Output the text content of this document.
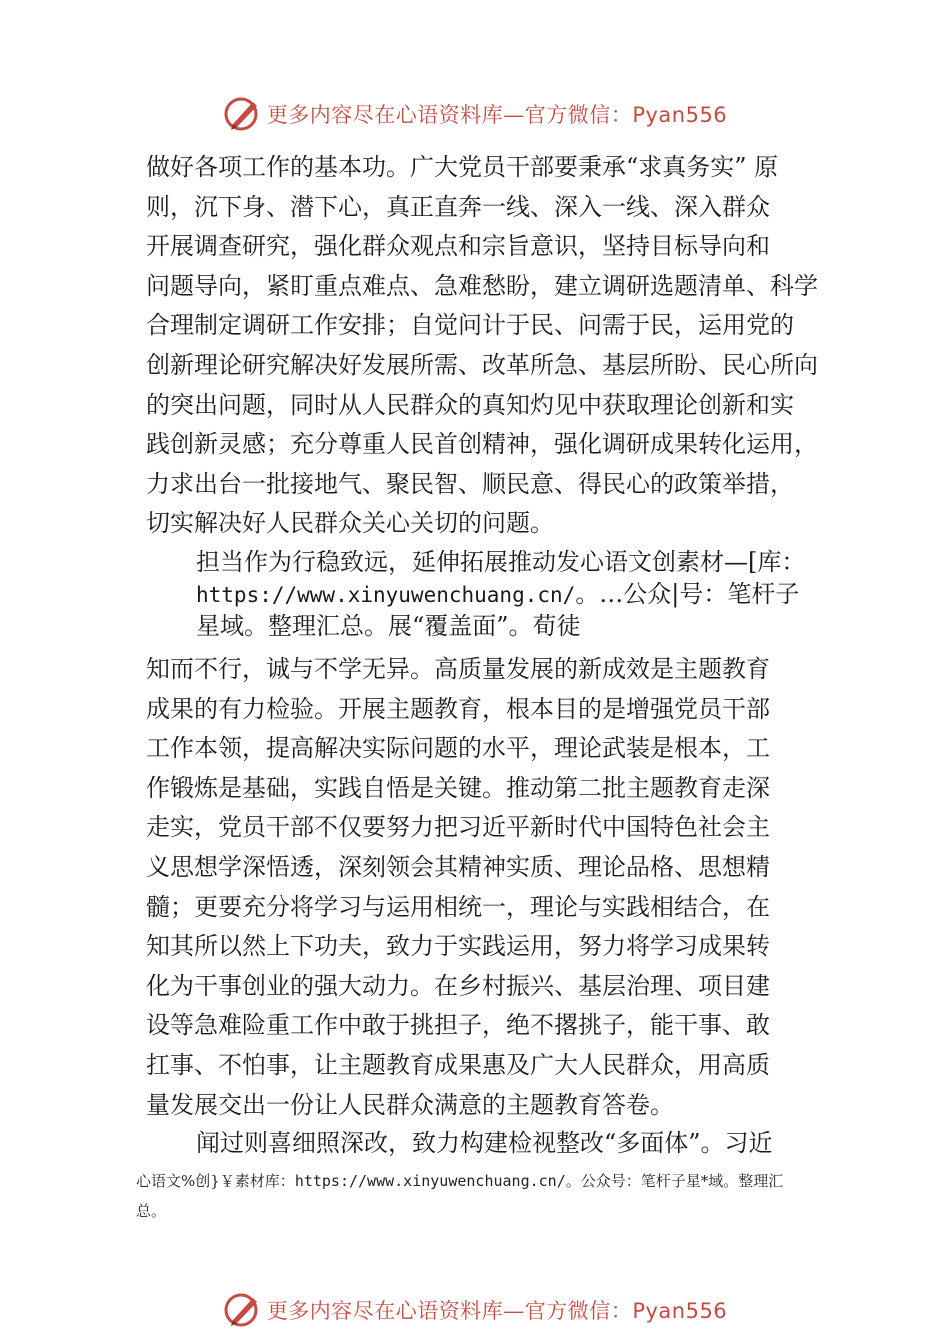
更多内容尽在心语资料库—官方微信：Pyan556
做好各项工作的基本功。广大党员干部要秉承“求真务实” 原
则，沉下身、潜下心，真正直奔一线、深入一线、深入群众
开展调查研究，强化群众观点和宗旨意识，坚持目标导向和
问题导向，紧盯重点难点、急难愁盼，建立调研选题清单、科学
合理制定调研工作安排；自觉问计于民、问需于民，运用党的
创新理论研究解决好发展所需、改革所急、基层所盼、民心所向
的突出问题，同时从人民群众的真知灼见中获取理论创新和实
践创新灵感；充分尊重人民首创精神，强化调研成果转化运用，
力求出台一批接地气、聚民智、顺民意、得民心的政策举措，
切实解决好人民群众关心关切的问题。
担当作为行稳致远，延伸拓展推动发心语文创素材—[库：
https://www.xinyuwenchuang.cn/。…公众|号：笔杆子
星域。整理汇总。展“覆盖面”。荀徒
知而不行，诚与不学无异。高质量发展的新成效是主题教育
成果的有力检验。开展主题教育，根本目的是增强党员干部
工作本领，提高解决实际问题的水平，理论武装是根本，工
作锻炼是基础，实践自悟是关键。推动第二批主题教育走深
走实，党员干部不仅要努力把习近平新时代中国特色社会主
义思想学深悟透，深刻领会其精神实质、理论品格、思想精
髓；更要充分将学习与运用相统一，理论与实践相结合，在
知其所以然上下功夫，致力于实践运用，努力将学习成果转
化为干事创业的强大动力。在乡村振兴、基层治理、项目建
设等急难险重工作中敢于挑担子，绝不撂挑子，能干事、敢
扛事、不怕事，让主题教育成果惠及广大人民群众，用高质
量发展交出一份让人民群众满意的主题教育答卷。
闻过则喜细照深改，致力构建检视整改“多面体”。习近
心语文%创}￥素材库：https://www.xinyuwenchuang.cn/。公众号：笔杆子星*域。整理汇
总。
更多内容尽在心语资料库—官方微信：Pyan556
